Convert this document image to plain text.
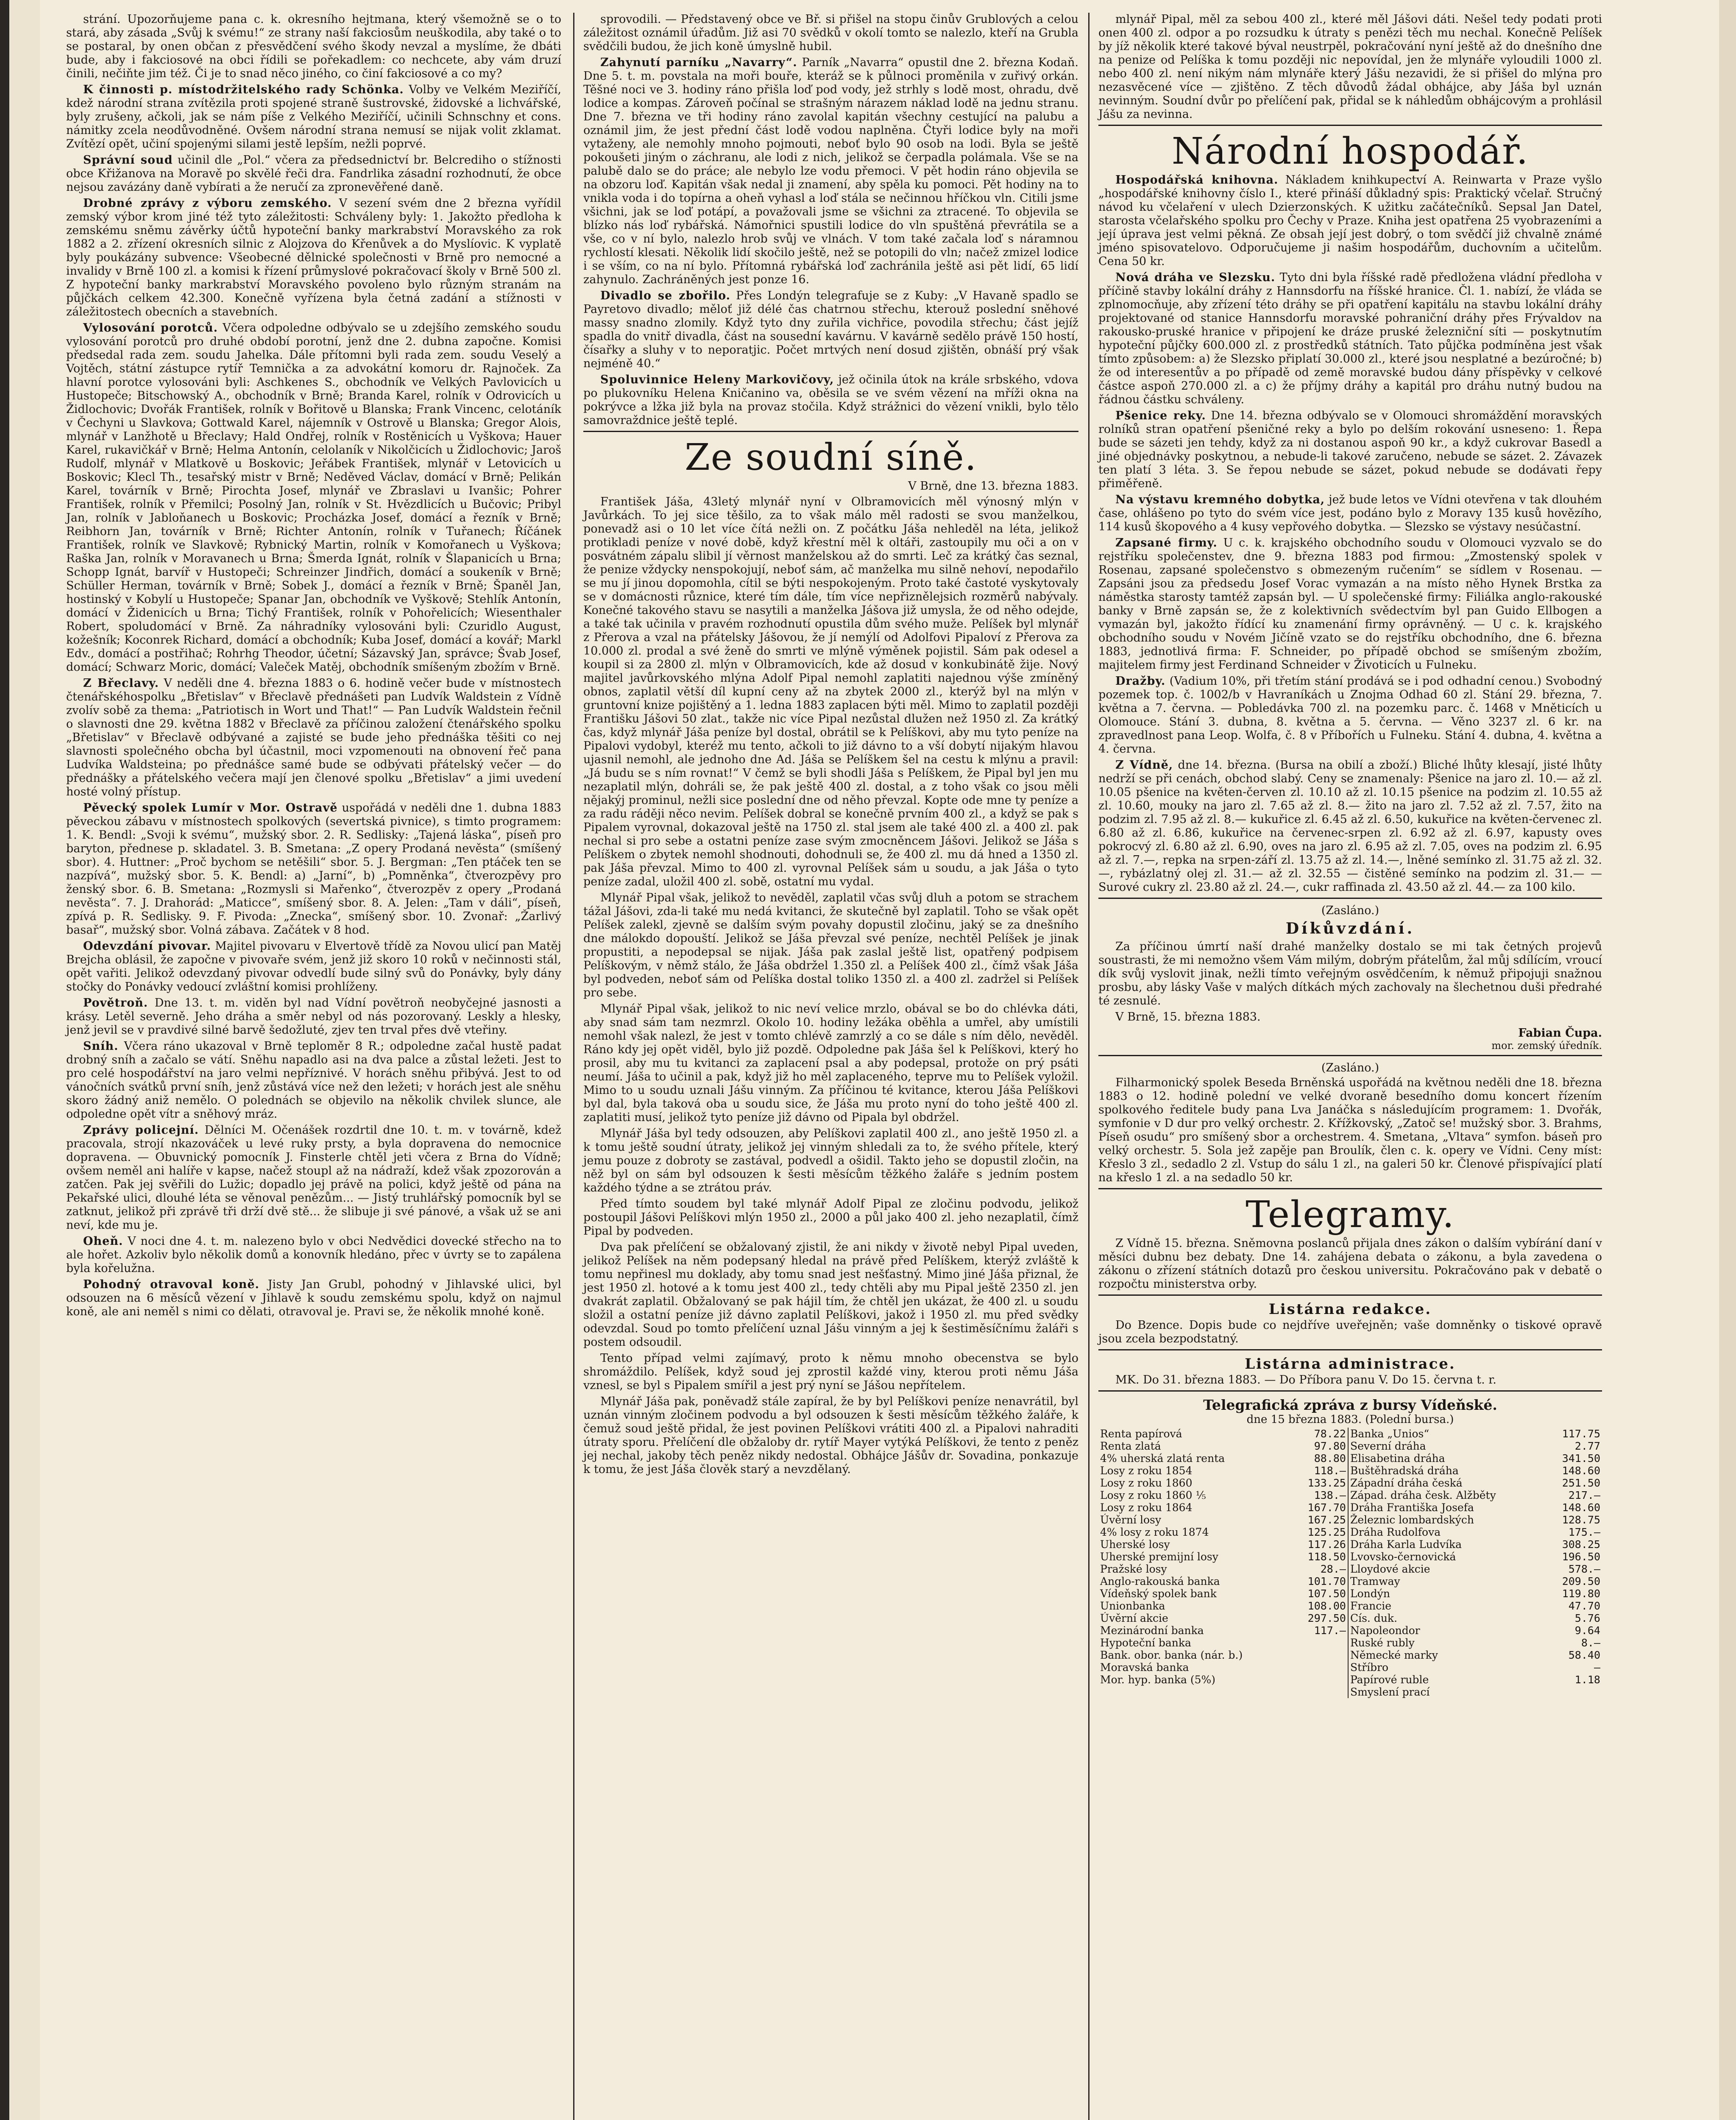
strání. Upozorňujeme pana c. k. okresního hejtmana, který všemožně se o to stará, aby zásada „Svůj k svému!“ ze strany naší fakciosům neuškodila, aby také o to se postaral, by onen občan z přesvědčení svého škody nevzal a myslíme, že dbáti bude, aby i fakciosové na obci řídili se pořekadlem: co nechcete, aby vám druzí činili, nečiňte jim též. Či je to snad něco jiného, co činí fakciosové a co my?

K činnosti p. místodržitelského rady Schönka. Volby ve Velkém Meziříčí, kdež národní strana zvítězila proti spojené straně šustrovské, židovské a lichvářské, byly zrušeny, ačkoli, jak se nám píše z Velkého Meziříčí, učinili Schnschny et cons. námitky zcela neodůvodněné. Ovšem národní strana nemusí se nijak volit zklamat. Zvítězí opět, učiní spojenými silami jestě lepším, nežli poprvé.

Správní soud učinil dle „Pol.“ včera za předsednictví br. Belcrediho o stížnosti obce Křižanova na Moravě po skvělé řeči dra. Fandrlika zásadní rozhodnutí, že obce nejsou zavázány daně vybírati a že neručí za zpronevěřené daně.

Drobné zprávy z výboru zemského. V sezení svém dne 2 března vyřídil zemský výbor krom jiné též tyto záležitosti: Schváleny byly: 1. Jakožto předloha k zemskému sněmu závěrky účtů hypoteční banky markrabství Moravského za rok 1882 a 2. zřízení okresních silnic z Alojzova do Křenůvek a do Myslíovic. K vyplatě byly poukázány subvence: Všeobecné dělnické společnosti v Brně pro nemocné a invalidy v Brně 100 zl. a komisi k řízení průmyslové pokračovací školy v Brně 500 zl. Z hypoteční banky markrabství Moravského povoleno bylo různým stranám na půjčkách celkem 42.300. Konečně vyřízena byla četná zadání a stížnosti v záležitostech obecních a stavebních.

Vylosování porotců. Včera odpoledne odbývalo se u zdejšího zemského soudu vylosování porotců pro druhé období porotní, jenž dne 2. dubna započne. Komisi předsedal rada zem. soudu Jahelka. Dále přítomni byli rada zem. soudu Veselý a Vojtěch, státní zástupce rytíř Temnička a za advokátní komoru dr. Rajnoček. Za hlavní porotce vylosováni byli: Aschkenes S., obchodník ve Velkých Pavlovicích u Hustopeče; Bitschowský A., obchodník v Brně; Branda Karel, rolník v Odrovicích u Židlochovic; Dvořák František, rolník v Bořitově u Blanska; Frank Vincenc, celotáník v Čechyni u Slavkova; Gottwald Karel, nájemník v Ostrově u Blanska; Gregor Alois, mlynář v Lanžhotě u Břeclavy; Hald Ondřej, rolník v Rostěnicích u Vyškova; Hauer Karel, rukavičkář v Brně; Helma Antonín, celolaník v Nikolčicích u Židlochovic; Jaroš Rudolf, mlynář v Mlatkově u Boskovic; Jeřábek František, mlynář v Letovicích u Boskovic; Klecl Th., tesařský mistr v Brně; Neděved Václav, domácí v Brně; Pelikán Karel, továrník v Brně; Pirochta Josef, mlynář ve Zbraslavi u Ivanšic; Pohrer František, rolník v Přemilci; Posolný Jan, rolník v St. Hvězdlicích u Bučovic; Pribyl Jan, rolník v Jabloňanech u Boskovic; Procházka Josef, domácí a řezník v Brně; Reibhorn Jan, továrník v Brně; Richter Antonín, rolník v Tuřanech; Říčánek František, rolník ve Slavkově; Rybnický Martin, rolník v Komořanech u Vyškova; Raška Jan, rolník v Moravanech u Brna; Šmerda Ignát, rolník v Šlapanicích u Brna; Schopp Ignát, barvíř v Hustopeči; Schreinzer Jindřich, domácí a soukeník v Brně; Schüller Herman, továrník v Brně; Sobek J., domácí a řezník v Brně; Španěl Jan, hostinský v Kobylí u Hustopeče; Spanar Jan, obchodník ve Vyškově; Stehlík Antonín, domácí v Židenicích u Brna; Tichý František, rolník v Pohořelicích; Wiesenthaler Robert, spoludomácí v Brně. Za náhradníky vylosováni byli: Czuridlo August, kožešník; Koconrek Richard, domácí a obchodník; Kuba Josef, domácí a kovář; Markl Edv., domácí a postřihač; Rohrhg Theodor, účetní; Sázavský Jan, správce; Švab Josef, domácí; Schwarz Moric, domácí; Valeček Matěj, obchodník smíšeným zbožím v Brně.

Z Břeclavy. V neděli dne 4. března 1883 o 6. hodině večer bude v místnostech čtenářskéhospolku „Břetislav“ v Břeclavě přednášeti pan Ludvík Waldstein z Vídně zvolív sobě za thema: „Patriotisch in Wort und That!“ — Pan Ludvík Waldstein řečnil o slavnosti dne 29. května 1882 v Břeclavě za příčinou založení čtenářského spolku „Břetislav“ v Břeclavě odbývané a zajisté se bude jeho přednáška těšiti co nej slavnosti společného obcha byl účastnil, moci vzpomenouti na obnovení řeč pana Ludvíka Waldsteina; po přednášce samé bude se odbývati přátelský večer — do přednášky a přátelského večera mají jen členové spolku „Břetislav“ a jimi uvedení hosté volný přístup.

Pěvecký spolek Lumír v Mor. Ostravě uspořádá v neděli dne 1. dubna 1883 pěveckou zábavu v místnostech spolkových (severtská pivnice), s timto programem: 1. K. Bendl: „Svoji k svému“, mužský sbor. 2. R. Sedlisky: „Tajená láska“, píseň pro baryton, přednese p. skladatel. 3. B. Smetana: „Z opery Prodaná nevěsta“ (smíšený sbor). 4. Huttner: „Proč bychom se netěšili“ sbor. 5. J. Bergman: „Ten ptáček ten se nazpívá“, mužský sbor. 5. K. Bendl: a) „Jarní“, b) „Pomněnka“, čtverozpěvy pro ženský sbor. 6. B. Smetana: „Rozmysli si Mařenko“, čtverozpěv z opery „Prodaná nevěsta“. 7. J. Drahorád: „Maticce“, smíšený sbor. 8. A. Jelen: „Tam v dáli“, píseň, zpívá p. R. Sedlisky. 9. F. Pivoda: „Znecka“, smíšený sbor. 10. Zvonař: „Žarlivý basař“, mužský sbor. Volná zábava. Začátek v 8 hod.

Odevzdání pivovar. Majitel pivovaru v Elvertově třídě za Novou ulicí pan Matěj Brejcha oblásil, že započne v pivovaře svém, jenž již skoro 10 roků v nečinnosti stál, opět vařiti. Jelikož odevzdaný pivovar odvedlí bude silný svů do Ponávky, byly dány stočky do Ponávky vedoucí zvláštní komisi prohlíženy.

Povětroň. Dne 13. t. m. viděn byl nad Vídní povětroň neobyčejné jasnosti a krásy. Letěl severně. Jeho dráha a směr nebyl od nás pozorovaný. Leskly a hlesky, jenž jevil se v pravdivé silné barvě šedožluté, zjev ten trval přes dvě vteřiny.

Sníh. Včera ráno ukazoval v Brně teploměr 8 R.; odpoledne začal hustě padat drobný sníh a začalo se vátí. Sněhu napadlo asi na dva palce a zůstal ležeti. Jest to pro celé hospodářství na jaro velmi nepříznivé. V horách sněhu přibývá. Jest to od vánočních svátků první sníh, jenž zůstává více než den ležeti; v horách jest ale sněhu skoro žádný aniž nemělo. O polednách se objevilo na několik chvilek slunce, ale odpoledne opět vítr a sněhový mráz.

Zprávy policejní. Dělníci M. Očenášek rozdrtil dne 10. t. m. v továrně, kdež pracovala, strojí nkazováček u levé ruky prsty, a byla dopravena do nemocnice dopravena. — Obuvnický pomocník J. Finsterle chtěl jeti včera z Brna do Vídně; ovšem neměl ani halíře v kapse, načež stoupl až na nádraží, kdež však zpozorován a zatčen. Pak jej svěřili do Lužic; dopadlo jej právě na polici, když ještě od pána na Pekařské ulici, dlouhé léta se věnoval penězům... — Jistý truhlářský pomocník byl se zatknut, jelikož při zprávě tři drží dvě stě... že slibuje ji své pánové, a však už se ani neví, kde mu je.

Oheň. V noci dne 4. t. m. nalezeno bylo v obci Nedvědici dovecké střecho na to ale hořet. Azkoliv bylo několik domů a konovník hledáno, přec v úvrty se to zapálena byla kořelužna.

Pohodný otravoval koně. Jisty Jan Grubl, pohodný v Jihlavské ulici, byl odsouzen na 6 měsíců vězení v Jihlavě k soudu zemskému spolu, když on najmul koně, ale ani neměl s nimi co dělati, otravoval je. Pravi se, že několik mnohé koně.

sprovodili. — Představený obce ve Bř. si přišel na stopu činův Grublových a celou záležitost oznámil úřadům. Již asi 70 svědků v okolí tomto se nalezlo, kteří na Grubla svědčili budou, že jich koně úmyslně hubil.

Zahynutí parníku „Navarry“. Parník „Navarra“ opustil dne 2. března Kodaň. Dne 5. t. m. povstala na moři bouře, kteráž se k půlnoci proměnila v zuřivý orkán. Těšné noci ve 3. hodiny ráno přišla loď pod vody, jež strhly s lodě most, ohradu, dvě lodice a kompas. Zároveň počínal se strašným nárazem náklad lodě na jednu stranu. Dne 7. března ve tři hodiny ráno zavolal kapitán všechny cestující na palubu a oznámil jim, že jest přední část lodě vodou naplněna. Čtyři lodice byly na moři vytaženy, ale nemohly mnoho pojmouti, neboť bylo 90 osob na lodi. Byla se ještě pokoušeti jiným o záchranu, ale lodi z nich, jelikož se čerpadla polámala. Vše se na palubě dalo se do práce; ale nebylo lze vodu přemoci. V pět hodin ráno objevila se na obzoru loď. Kapitán však nedal ji znamení, aby spěla ku pomoci. Pět hodiny na to vnikla voda i do topírna a oheň vyhasl a loď stála se nečinnou hříčkou vln. Citili jsme všichni, jak se loď potápí, a považovali jsme se všichni za ztracené. To objevila se blízko nás loď rybářská. Námořnici spustili lodice do vln spuštěná převrátila se a vše, co v ní bylo, nalezlo hrob svůj ve vlnách. V tom také začala loď s náramnou rychlostí klesati. Několik lidí skočilo ještě, než se potopili do vln; načež zmizel lodice i se vším, co na ní bylo. Přítomná rybářská loď zachránila ještě asi pět lidí, 65 lidí zahynulo. Zachráněných jest ponze 16.

Divadlo se zbořilo. Přes Londýn telegrafuje se z Kuby: „V Havaně spadlo se Payretovo divadlo; měloť již délé čas chatrnou střechu, kterouž poslední sněhové massy snadno zlomily. Když tyto dny zuřila vichřice, povodila střechu; část jejíž spadla do vnitř divadla, část na sousední kavárnu. V kavárně sedělo právě 150 hostí, čísařky a sluhy v to neporatjic. Počet mrtvých není dosud zjištěn, obnáší prý však nejméně 40.“

Spoluvinnice Heleny Markovičovy, jež očinila útok na krále srbského, vdova po plukovníku Helena Kničanino va, oběsila se ve svém vězení na mříži okna na pokrývce a lžka již byla na provaz stočila. Když strážnici do vězení vnikli, bylo tělo samovraždnice ještě teplé.

Ze soudní síně.

V Brně, dne 13. března 1883.

František Jáša, 43letý mlynář nyní v Olbramovicích měl výnosný mlýn v Javůrkách. To jej sice těšilo, za to však málo měl radosti se svou manželkou, ponevadž asi o 10 let více čítá nežli on. Z počátku Jáša nehleděl na léta, jelikož protikladi peníze v nové době, když křestní měl k oltáři, zastoupily mu oči a on v posvátném zápalu slibil jí věrnost manželskou až do smrti. Leč za krátký čas seznal, že penize vždycky nenspokojují, neboť sám, ač manželka mu silně nehoví, nepodařilo se mu jí jinou dopomohla, cítil se býti nespokojeným. Proto také častoté vyskytovaly se v domácnosti různice, které tím dále, tím více nepřiznělejsich rozměrů nabývaly. Konečné takového stavu se nasytili a manželka Jášova již umysla, že od něho odejde, a také tak učinila v pravém rozhodnutí opustila dům svého muže. Pelíšek byl mlynář z Přerova a vzal na přátelsky Jášovou, že jí nemýlí od Adolfovi Pipaloví z Přerova za 10.000 zl. prodal a své ženě do smrti ve mlýně výměnek pojistil. Sám pak odesel a koupil si za 2800 zl. mlýn v Olbramovicích, kde až dosud v konkubinátě žije. Nový majitel javůrkovského mlýna Adolf Pipal nemohl zaplatiti najednou výše zmíněný obnos, zaplatil větší díl kupní ceny až na zbytek 2000 zl., kterýž byl na mlýn v gruntovní knize pojištěný a 1. ledna 1883 zaplacen býti měl. Mimo to zaplatil později Františku Jášovi 50 zlat., takže nic více Pipal nezůstal dlužen než 1950 zl. Za krátký čas, když mlynář Jáša peníze byl dostal, obrátil se k Pelíškovi, aby mu tyto peníze na Pipalovi vydobyl, kteréž mu tento, ačkoli to již dávno to a vší dobytí nijakým hlavou ujasnil nemohl, ale jednoho dne Ad. Jáša se Pelíškem šel na cestu k mlýnu a pravil: „Já budu se s ním rovnat!“ V čemž se byli shodli Jáša s Pelíškem, že Pipal byl jen mu nezaplatil mlýn, dohráli se, že pak ještě 400 zl. dostal, a z toho však co jsou měli nějakýj prominul, nežli sice poslední dne od něho převzal. Kopte ode mne ty peníze a za radu ráději něco nevim. Pelíšek dobral se konečně prvním 400 zl., a když se pak s Pipalem vyrovnal, dokazoval ještě na 1750 zl. stal jsem ale také 400 zl. a 400 zl. pak nechal si pro sebe a ostatni peníze zase svým zmocněncem Jášovi. Jelikož se Jáša s Pelíškem o zbytek nemohl shodnouti, dohodnuli se, že 400 zl. mu dá hned a 1350 zl. pak Jáša převzal. Mimo to 400 zl. vyrovnal Pelíšek sám u soudu, a jak Jáša o tyto peníze zadal, uložil 400 zl. sobě, ostatní mu vydal.

Mlynář Pipal však, jelikož to nevěděl, zaplatil včas svůj dluh a potom se strachem tážal Jášovi, zda-li také mu nedá kvitanci, že skutečně byl zaplatil. Toho se však opět Pelíšek zalekl, zjevně se dalším svým povahy dopustil zločinu, jaký se za dnešního dne málokdo dopouští. Jelikož se Jáša převzal své peníze, nechtěl Pelíšek je jinak propustiti, a nepodepsal se nijak. Jáša pak zaslal ještě list, opatřený podpisem Pelíškovým, v němž stálo, že Jáša obdržel 1.350 zl. a Pelíšek 400 zl., čímž však Jáša byl podveden, neboť sám od Pelíška dostal toliko 1350 zl. a 400 zl. zadržel si Pelíšek pro sebe.

Mlynář Pipal však, jelikož to nic neví velice mrzlo, obával se bo do chlévka dáti, aby snad sám tam nezmrzl. Okolo 10. hodiny ležáka oběhla a umřel, aby umístili nemohl však nalezl, že jest v tomto chlévě zamrzlý a co se dále s ním dělo, nevěděl. Ráno kdy jej opět viděl, bylo již pozdě. Odpoledne pak Jáša šel k Pelíškovi, který ho prosil, aby mu tu kvitanci za zaplacení psal a aby podepsal, protože on prý psáti neumí. Jáša to učinil a pak, když již ho měl zaplaceného, teprve mu to Pelíšek vyložil. Mimo to u soudu uznali Jášu vinným. Za příčinou té kvitance, kterou Jáša Pelíškovi byl dal, byla taková oba u soudu sice, že Jáša mu proto nyní do toho ještě 400 zl. zaplatiti musí, jelikož tyto peníze již dávno od Pipala byl obdržel.

Mlynář Jáša byl tedy odsouzen, aby Pelíškovi zaplatil 400 zl., ano ještě 1950 zl. a k tomu ještě soudní útraty, jelikož jej vinným shledali za to, že svého přítele, který jemu pouze z dobroty se zastával, podvedl a ošidil. Takto jeho se dopustil zločin, na něž byl on sám byl odsouzen k šesti měsícům těžkého žaláře s jedním postem každého týdne a se ztrátou práv.

Před tímto soudem byl také mlynář Adolf Pipal ze zločinu podvodu, jelikož postoupil Jášovi Pelíškovi mlýn 1950 zl., 2000 a půl jako 400 zl. jeho nezaplatil, čímž Pipal by podveden.

Dva pak přelíčení se obžalovaný zjistil, že ani nikdy v životě nebyl Pipal uveden, jelikož Pelíšek na něm podepsaný hledal na právě před Pelíškem, kterýž zvláště k tomu nepřinesl mu doklady, aby tomu snad jest nešťastný. Mimo jiné Jáša přiznal, že jest 1950 zl. hotové a k tomu jest 400 zl., tedy chtěli aby mu Pipal ještě 2350 zl. jen dvakrát zaplatil. Obžalovaný se pak hájil tím, že chtěl jen ukázat, že 400 zl. u soudu složil a ostatní peníze již dávno zaplatil Pelíškovi, jakož i 1950 zl. mu před svědky odevzdal. Soud po tomto přelíčení uznal Jášu vinným a jej k šestiměsíčnímu žaláři s postem odsoudil.

Tento případ velmi zajímavý, proto k němu mnoho obecenstva se bylo shromáždilo. Pelíšek, když soud jej zprostil každé viny, kterou proti němu Jáša vznesl, se byl s Pipalem smířil a jest prý nyní se Jášou nepřítelem.

Mlynář Jáša pak, poněvadž stále zapíral, že by byl Pelíškovi peníze nenavrátil, byl uznán vinným zločinem podvodu a byl odsouzen k šesti měsícům těžkého žaláře, k čemuž soud ještě přidal, že jest povinen Pelíškovi vrátiti 400 zl. a Pipalovi nahraditi útraty sporu. Přelíčení dle obžaloby dr. rytíř Mayer vytýká Pelíškovi, že tento z peněz jej nechal, jakoby těch peněz nikdy nedostal. Obhájce Jášův dr. Sovadina, ponkazuje k tomu, že jest Jáša člověk starý a nevzdělaný.

mlynář Pipal, měl za sebou 400 zl., které měl Jášovi dáti. Nešel tedy podati proti onen 400 zl. odpor a po rozsudku k útraty s penězi těch mu nechal. Konečně Pelíšek by jíž několik které takové býval neustrpěl, pokračování nyní ještě až do dnešního dne na penize od Pelíška k tomu později nic nepovídal, jen že mlynáře vyloudili 1000 zl. nebo 400 zl. není nikým nám mlynáře který Jášu nezavidi, že si přišel do mlýna pro nezasvěcené více — zjištěno. Z těch důvodů žádal obhájce, aby Jáša byl uznán nevinným. Soudní dvůr po přelíčení pak, přidal se k náhledům obhájcovým a prohlásil Jášu za nevinna.

Národní hospodář.

Hospodářská knihovna. Nákladem knihkupectví A. Reinwarta v Praze vyšlo „hospodářské knihovny číslo I., které přináší důkladný spis: Praktický včelař. Stručný návod ku včelaření v ulech Dzierzonských. K užitku začátečníků. Sepsal Jan Datel, starosta včelařského spolku pro Čechy v Praze. Kniha jest opatřena 25 vyobrazeními a její úprava jest velmi pěkná. Ze obsah její jest dobrý, o tom svědčí již chvalně známé jméno spisovatelovo. Odporučujeme ji našim hospodářům, duchovním a učitelům. Cena 50 kr.

Nová dráha ve Slezsku. Tyto dni byla říšské radě předložena vládní předloha v příčině stavby lokální dráhy z Hannsdorfu na říšské hranice. Čl. 1. nabízí, že vláda se zplnomocňuje, aby zřízení této dráhy se při opatření kapitálu na stavbu lokální dráhy projektované od stanice Hannsdorfu moravské pohraniční dráhy přes Frývaldov na rakousko-pruské hranice v připojení ke dráze pruské železniční síti — poskytnutím hypoteční půjčky 600.000 zl. z prostředků státních. Tato půjčka podmíněna jest však tímto způsobem: a) že Slezsko připlatí 30.000 zl., které jsou nesplatné a bezúročné; b) že od interesentův a po případě od země moravské budou dány příspěvky v celkové částce aspoň 270.000 zl. a c) že příjmy dráhy a kapitál pro dráhu nutný budou na řádnou částku schváleny.

Pšenice reky. Dne 14. března odbývalo se v Olomouci shromáždění moravských rolníků stran opatření pšeničné reky a bylo po delším rokování usneseno: 1. Řepa bude se sázeti jen tehdy, když za ni dostanou aspoň 90 kr., a když cukrovar Basedl a jiné objednávky poskytnou, a nebude-li takové zaručeno, nebude se sázet. 2. Závazek ten platí 3 léta. 3. Se řepou nebude se sázet, pokud nebude se dodávati řepy přiměřeně.

Na výstavu kremného dobytka, jež bude letos ve Vídni otevřena v tak dlouhém čase, ohlášeno po tyto do svém více jest, podáno bylo z Moravy 135 kusů hovězího, 114 kusů škopového a 4 kusy vepřového dobytka. — Slezsko se výstavy nesúčastní.

Zapsané firmy. U c. k. krajského obchodního soudu v Olomouci vyzvalo se do rejstříku společenstev, dne 9. března 1883 pod firmou: „Zmostenský spolek v Rosenau, zapsané společenstvo s obmezeným ručením“ se sídlem v Rosenau. — Zapsáni jsou za předsedu Josef Vorac vymazán a na místo něho Hynek Brstka za náměstka starosty tamtéž zapsán byl. — U společenské firmy: Filiálka anglo-rakouské banky v Brně zapsán se, že z kolektivních svědectvím byl pan Guido Ellbogen a vymazán byl, jakožto řídící ku znamenání firmy oprávněný. — U c. k. krajského obchodního soudu v Novém Jičíně vzato se do rejstříku obchodního, dne 6. března 1883, jednotlivá firma: F. Schneider, po případě obchod se smíšeným zbožím, majitelem firmy jest Ferdinand Schneider v Životicích u Fulneku.

Dražby. (Vadium 10%, při třetím stání prodává se i pod odhadní cenou.) Svobodný pozemek top. č. 1002/b v Havraníkách u Znojma Odhad 60 zl. Stání 29. března, 7. května a 7. června. — Pobledávka 700 zl. na pozemku parc. č. 1468 v Mněticích u Olomouce. Stání 3. dubna, 8. května a 5. června. — Věno 3237 zl. 6 kr. na zpravedlnost pana Leop. Wolfa, č. 8 v Příbořích u Fulneku. Stání 4. dubna, 4. května a 4. června.

Z Vídně, dne 14. března. (Bursa na obilí a zboží.) Bliché lhůty klesají, jisté lhůty nedrží se při cenách, obchod slabý. Ceny se znamenaly: Pšenice na jaro zl. 10.— až zl. 10.05 pšenice na květen-červen zl. 10.10 až zl. 10.15 pšenice na podzim zl. 10.55 až zl. 10.60, mouky na jaro zl. 7.65 až zl. 8.— žito na jaro zl. 7.52 až zl. 7.57, žito na podzim zl. 7.95 až zl. 8.— kukuřice zl. 6.45 až zl. 6.50, kukuřice na květen-červenec zl. 6.80 až zl. 6.86, kukuřice na červenec-srpen zl. 6.92 až zl. 6.97, kapusty oves pokrocvý zl. 6.80 až zl. 6.90, oves na jaro zl. 6.95 až zl. 7.05, oves na podzim zl. 6.95 až zl. 7.—, repka na srpen-září zl. 13.75 až zl. 14.—, lněné semínko zl. 31.75 až zl. 32.—, rybázlatný olej zl. 31.— až zl. 32.55 — čistěné semínko na podzim zl. 31.— — Surové cukry zl. 23.80 až zl. 24.—, cukr raffinada zl. 43.50 až zl. 44.— za 100 kilo.

(Zasláno.)

Díkůvzdání.

Za příčinou úmrtí naší drahé manželky dostalo se mi tak četných projevů soustrasti, že mi nemožno všem Vám milým, dobrým přátelům, žal můj sdílícím, vroucí dík svůj vyslovit jinak, nežli tímto veřejným osvědčením, k němuž připojuji snažnou prosbu, aby lásky Vaše v malých dítkách mých zachovaly na šlechetnou duši předrahé té zesnulé.

V Brně, 15. března 1883.

Fabian Čupa.

mor. zemský úředník.

(Zasláno.)

Filharmonický spolek Beseda Brněnská uspořádá na květnou neděli dne 18. března 1883 o 12. hodině polední ve velké dvoraně besedního domu koncert řízením spolkového ředitele budy pana Lva Janáčka s následujícím programem: 1. Dvořák, symfonie v D dur pro velký orchestr. 2. Křížkovský, „Zatoč se! mužský sbor. 3. Brahms, Píseň osudu“ pro smíšený sbor a orchestrem. 4. Smetana, „Vltava“ symfon. báseň pro velký orchestr. 5. Sola jež zapěje pan Broulík, člen c. k. opery ve Vídni. Ceny míst: Křeslo 3 zl., sedadlo 2 zl. Vstup do sálu 1 zl., na galeri 50 kr. Členové přispívající platí na křeslo 1 zl. a na sedadlo 50 kr.

Telegramy.

Z Vídně 15. března. Sněmovna poslanců přijala dnes zákon o dalším vybírání daní v měsíci dubnu bez debaty. Dne 14. zahájena debata o zákonu, a byla zavedena o zákonu o zřízení státních dotazů pro českou universitu. Pokračováno pak v debatě o rozpočtu ministerstva orby.

Listárna redakce.

Do Bzence. Dopis bude co nejdříve uveřejněn; vaše domněnky o tiskové opravě jsou zcela bezpodstatný.

Listárna administrace.

MK. Do 31. března 1883. — Do Příbora panu V. Do 15. června t. r.

Telegrafická zpráva z bursy Vídeňské.
dne 15 března 1883. (Polední bursa.)
Renta papírová	78.22	Banka „Unios“	117.75
Renta zlatá	97.80	Severní dráha	2.77
4% uherská zlatá renta	88.80	Elisabetina dráha	341.50
Losy z roku 1854	118.—	Buštěhradská dráha	148.60
Losy z roku 1860	133.25	Západní dráha česká	251.50
Losy z roku 1860 ⅕	138.—	Západ. dráha česk. Alžběty	217.—
Losy z roku 1864	167.70	Dráha Františka Josefa	148.60
Úvěrní losy	167.25	Železnic lombardských	128.75
4% losy z roku 1874	125.25	Dráha Rudolfova	175.—
Uherské losy	117.26	Dráha Karla Ludvíka	308.25
Uherské premijní losy	118.50	Lvovsko-černovická	196.50
Pražské losy	28.—	Lloydové akcie	578.—
Anglo-rakouská banka	101.70	Tramway	209.50
Vídeňský spolek bank	107.50	Londýn	119.80
Unionbanka	108.00	Francie	47.70
Úvěrní akcie	297.50	Cís. duk.	5.76
Mezinárodní banka	117.—	Napoleondor	9.64
Hypoteční banka		Ruské rubly	8.—
Bank. obor. banka (nár. b.)		Německé marky	58.40
Moravská banka		Stříbro	—
Mor. hyp. banka (5%)		Papírové ruble	1.18
		Smyslení prací	
